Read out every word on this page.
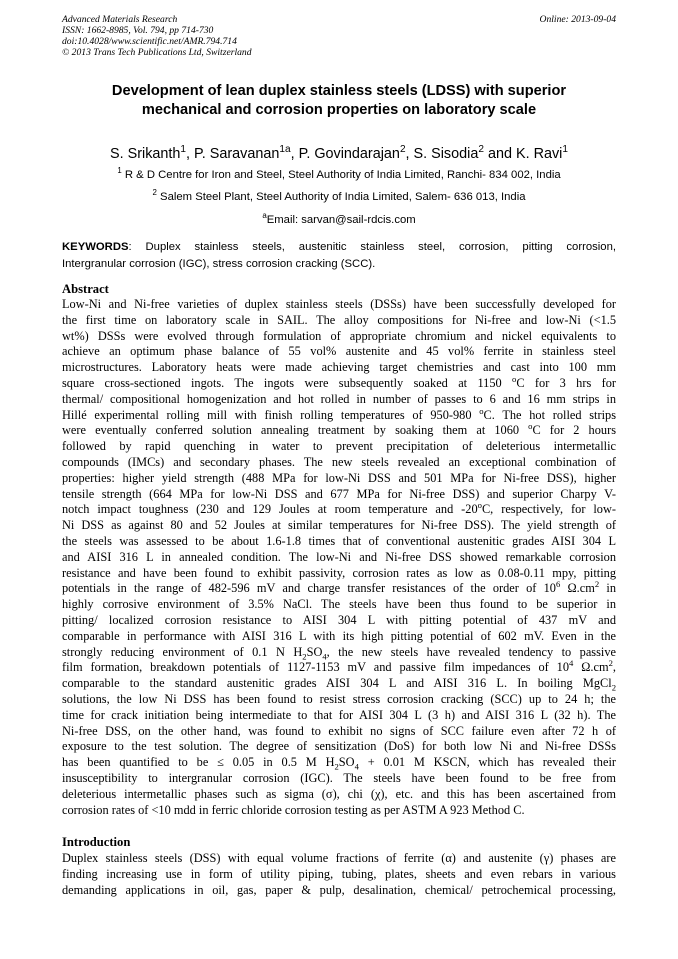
Advanced Materials Research
ISSN: 1662-8985, Vol. 794, pp 714-730
doi:10.4028/www.scientific.net/AMR.794.714
© 2013 Trans Tech Publications Ltd, Switzerland
Online: 2013-09-04
Development of lean duplex stainless steels (LDSS) with superior
mechanical and corrosion properties on laboratory scale
S. Srikanth$^1$, P. Saravanan$^{1a}$, P. Govindarajan$^2$, S. Sisodia$^2$ and K. Ravi$^1$
$^1$ R & D Centre for Iron and Steel, Steel Authority of India Limited, Ranchi- 834 002, India
$^2$ Salem Steel Plant, Steel Authority of India Limited, Salem- 636 013, India
$^a$Email: sarvan@sail-rdcis.com
KEYWORDS: Duplex stainless steels, austenitic stainless steel, corrosion, pitting corrosion,
Intergranular corrosion (IGC), stress corrosion cracking (SCC).
Abstract
Low-Ni and Ni-free varieties of duplex stainless steels (DSSs) have been successfully developed for
the first time on laboratory scale in SAIL. The alloy compositions for Ni-free and low-Ni (<1.5
wt%) DSSs were evolved through formulation of appropriate chromium and nickel equivalents to
achieve an optimum phase balance of 55 vol% austenite and 45 vol% ferrite in stainless steel
microstructures. Laboratory heats were made achieving target chemistries and cast into 100 mm
square cross-sectioned ingots. The ingots were subsequently soaked at 1150 $^o$C for 3 hrs for
thermal/ compositional homogenization and hot rolled in number of passes to 6 and 16 mm strips in
Hillé experimental rolling mill with finish rolling temperatures of 950-980 $^o$C. The hot rolled strips
were eventually conferred solution annealing treatment by soaking them at 1060 $^o$C for 2 hours
followed by rapid quenching in water to prevent precipitation of deleterious intermetallic
compounds (IMCs) and secondary phases. The new steels revealed an exceptional combination of
properties: higher yield strength (488 MPa for low-Ni DSS and 501 MPa for Ni-free DSS), higher
tensile strength (664 MPa for low-Ni DSS and 677 MPa for Ni-free DSS) and superior Charpy V-
notch impact toughness (230 and 129 Joules at room temperature and -20$^o$C, respectively, for low-
Ni DSS as against 80 and 52 Joules at similar temperatures for Ni-free DSS). The yield strength of
the steels was assessed to be about 1.6-1.8 times that of conventional austenitic grades AISI 304 L
and AISI 316 L in annealed condition. The low-Ni and Ni-free DSS showed remarkable corrosion
resistance and have been found to exhibit passivity, corrosion rates as low as 0.08-0.11 mpy, pitting
potentials in the range of 482-596 mV and charge transfer resistances of the order of $10^6$ $\Omega.cm^2$ in
highly corrosive environment of 3.5% NaCl. The steels have been thus found to be superior in
pitting/ localized corrosion resistance to AISI 304 L with pitting potential of 437 mV and
comparable in performance with AISI 316 L with its high pitting potential of 602 mV. Even in the
strongly reducing environment of 0.1 N $H_2SO_4$, the new steels have revealed tendency to passive
film formation, breakdown potentials of 1127-1153 mV and passive film impedances of $10^4$ $\Omega.cm^2$,
comparable to the standard austenitic grades AISI 304 L and AISI 316 L. In boiling MgCl$_2$
solutions, the low Ni DSS has been found to resist stress corrosion cracking (SCC) up to 24 h; the
time for crack initiation being intermediate to that for AISI 304 L (3 h) and AISI 316 L (32 h). The
Ni-free DSS, on the other hand, was found to exhibit no signs of SCC failure even after 72 h of
exposure to the test solution. The degree of sensitization (DoS) for both low Ni and Ni-free DSSs
has been quantified to be ≤ 0.05 in 0.5 M $H_2SO_4 + 0.01$ M KSCN, which has revealed their
insusceptibility to intergranular corrosion (IGC). The steels have been found to be free from
deleterious intermetallic phases such as sigma (σ), chi (χ), etc. and this has been ascertained from
corrosion rates of <10 mdd in ferric chloride corrosion testing as per ASTM A 923 Method C.
Introduction
Duplex stainless steels (DSS) with equal volume fractions of ferrite (α) and austenite (γ) phases are
finding increasing use in form of utility piping, tubing, plates, sheets and even rebars in various
demanding applications in oil, gas, paper & pulp, desalination, chemical/ petrochemical processing,
